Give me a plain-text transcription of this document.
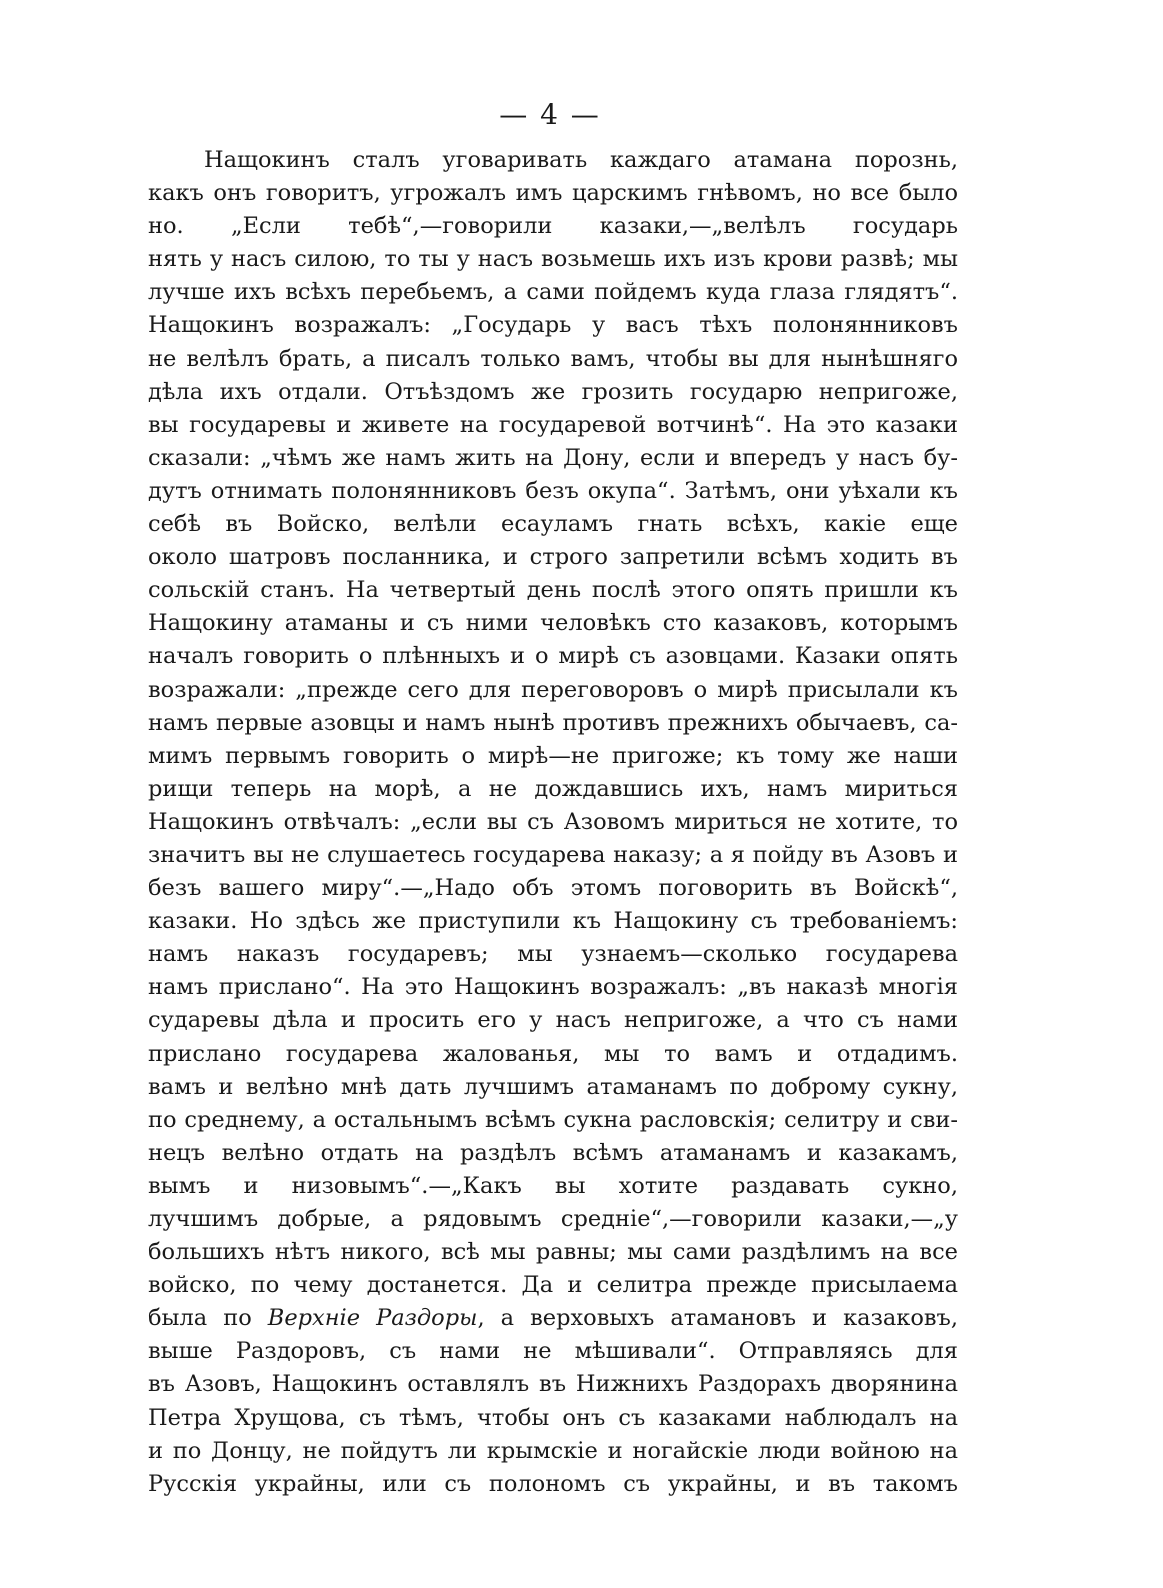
— 4 —
Нащокинъ сталъ уговаривать каждаго атамана порознь,
какъ онъ говоритъ, угрожалъ имъ царскимъ гнѣвомъ, но все было
но. „Если тебѣ“,—говорили казаки,—„велѣлъ государь
нять у насъ силою, то ты у насъ возьмешь ихъ изъ крови развѣ; мы
лучше ихъ всѣхъ перебьемъ, а сами пойдемъ куда глаза глядятъ“.
Нащокинъ возражалъ: „Государь у васъ тѣхъ полонянниковъ
не велѣлъ брать, а писалъ только вамъ, чтобы вы для нынѣшняго
дѣла ихъ отдали. Отъѣздомъ же грозить государю непригоже,
вы государевы и живете на государевой вотчинѣ“. На это казаки
сказали: „чѣмъ же намъ жить на Дону, если и впередъ у насъ бу-
дутъ отнимать полонянниковъ безъ окупа“. Затѣмъ, они уѣхали къ
себѣ въ Войско, велѣли есауламъ гнать всѣхъ, какіе еще
около шатровъ посланника, и строго запретили всѣмъ ходить въ
сольскій станъ. На четвертый день послѣ этого опять пришли къ
Нащокину атаманы и съ ними человѣкъ сто казаковъ, которымъ
началъ говорить о плѣнныхъ и о мирѣ съ азовцами. Казаки опять
возражали: „прежде сего для переговоровъ о мирѣ присылали къ
намъ первые азовцы и намъ нынѣ противъ прежнихъ обычаевъ, са-
мимъ первымъ говорить о мирѣ—не пригоже; къ тому же наши
рищи теперь на морѣ, а не дождавшись ихъ, намъ мириться
Нащокинъ отвѣчалъ: „если вы съ Азовомъ мириться не хотите, то
значитъ вы не слушаетесь государева наказу; а я пойду въ Азовъ и
безъ вашего миру“.—„Надо объ этомъ поговорить въ Войскѣ“,
казаки. Но здѣсь же приступили къ Нащокину съ требованіемъ:
намъ наказъ государевъ; мы узнаемъ—сколько государева
намъ прислано“. На это Нащокинъ возражалъ: „въ наказѣ многія
сударевы дѣла и просить его у насъ непригоже, а что съ нами
прислано государева жалованья, мы то вамъ и отдадимъ.
вамъ и велѣно мнѣ дать лучшимъ атаманамъ по доброму сукну,
по среднему, а остальнымъ всѣмъ сукна расловскія; селитру и сви-
нецъ велѣно отдать на раздѣлъ всѣмъ атаманамъ и казакамъ,
вымъ и низовымъ“.—„Какъ вы хотите раздавать сукно,
лучшимъ добрые, а рядовымъ средніе“,—говорили казаки,—„у
большихъ нѣтъ никого, всѣ мы равны; мы сами раздѣлимъ на все
войско, по чему достанется. Да и селитра прежде присылаема
была по Верхніе Раздоры, а верховыхъ атамановъ и казаковъ,
выше Раздоровъ, съ нами не мѣшивали“. Отправляясь для
въ Азовъ, Нащокинъ оставлялъ въ Нижнихъ Раздорахъ дворянина
Петра Хрущова, съ тѣмъ, чтобы онъ съ казаками наблюдалъ на
и по Донцу, не пойдутъ ли крымскіе и ногайскіе люди войною на
Русскія украйны, или съ полономъ съ украйны, и въ такомъ
